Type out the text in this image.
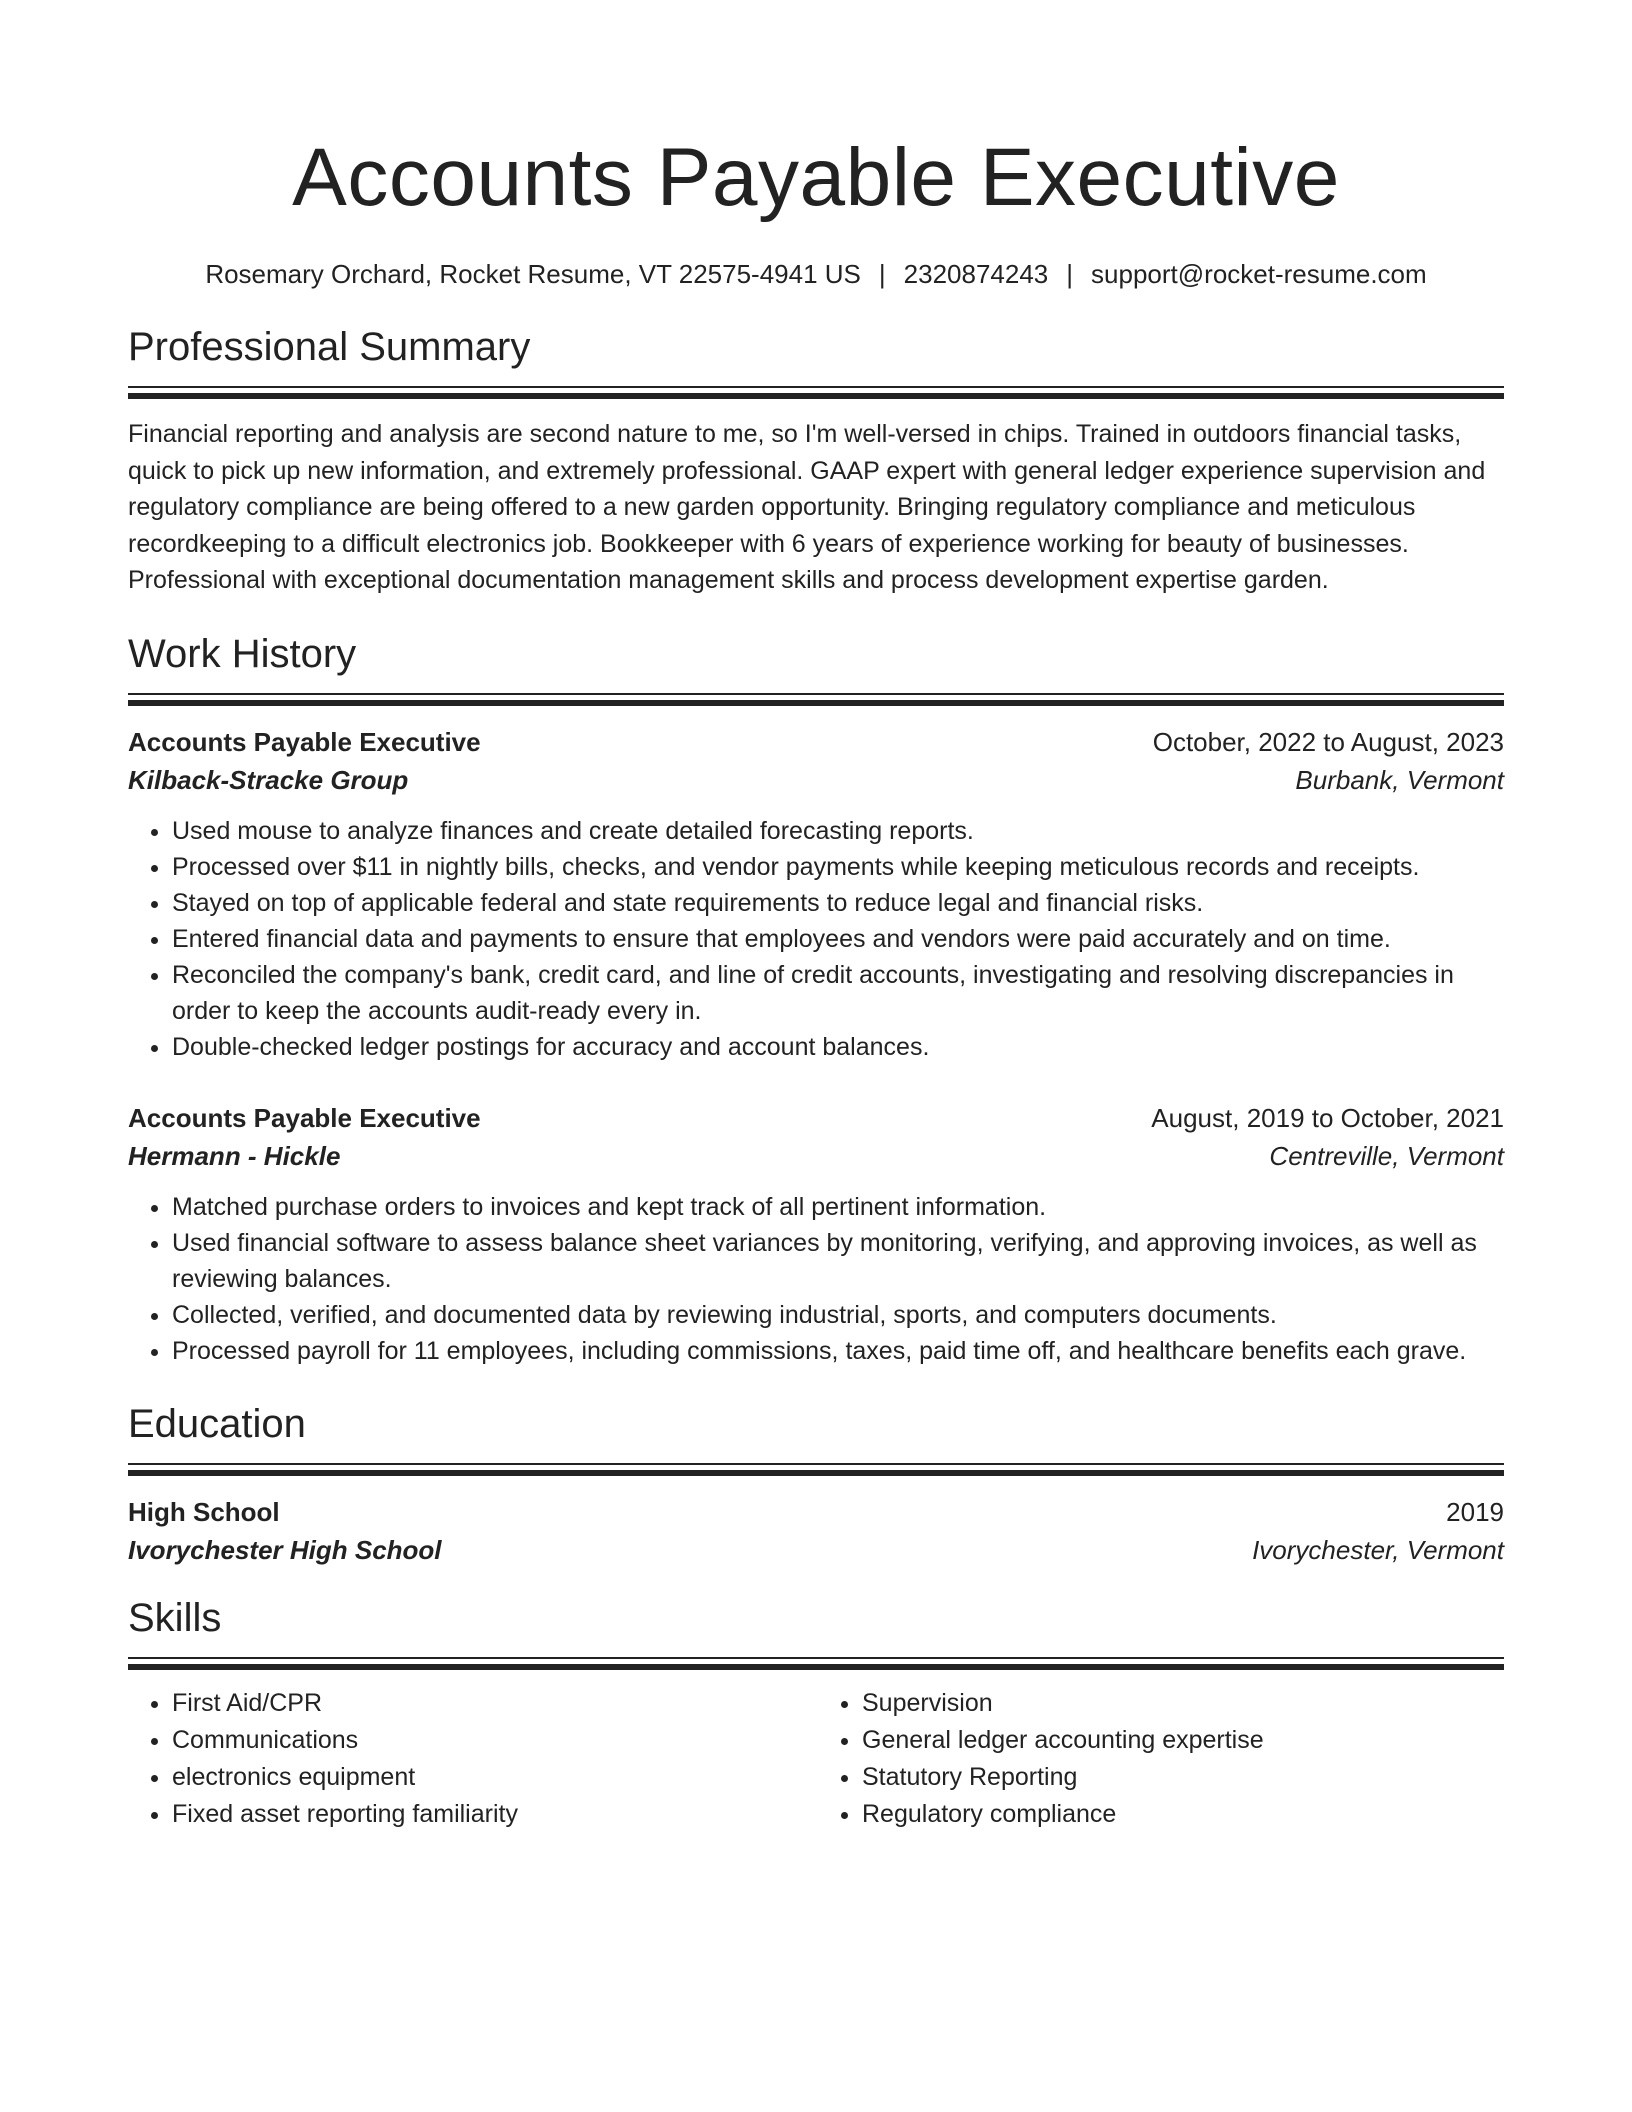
Accounts Payable Executive
Rosemary Orchard, Rocket Resume, VT 22575-4941 US | 2320874243 | support@rocket-resume.com
Professional Summary
Financial reporting and analysis are second nature to me, so I'm well-versed in chips. Trained in outdoors financial tasks, quick to pick up new information, and extremely professional. GAAP expert with general ledger experience supervision and regulatory compliance are being offered to a new garden opportunity. Bringing regulatory compliance and meticulous recordkeeping to a difficult electronics job. Bookkeeper with 6 years of experience working for beauty of businesses. Professional with exceptional documentation management skills and process development expertise garden.
Work History
Accounts Payable Executive	October, 2022 to August, 2023
Kilback-Stracke Group	Burbank, Vermont
• Used mouse to analyze finances and create detailed forecasting reports.
• Processed over $11 in nightly bills, checks, and vendor payments while keeping meticulous records and receipts.
• Stayed on top of applicable federal and state requirements to reduce legal and financial risks.
• Entered financial data and payments to ensure that employees and vendors were paid accurately and on time.
• Reconciled the company's bank, credit card, and line of credit accounts, investigating and resolving discrepancies in order to keep the accounts audit-ready every in.
• Double-checked ledger postings for accuracy and account balances.
Accounts Payable Executive	August, 2019 to October, 2021
Hermann - Hickle	Centreville, Vermont
• Matched purchase orders to invoices and kept track of all pertinent information.
• Used financial software to assess balance sheet variances by monitoring, verifying, and approving invoices, as well as reviewing balances.
• Collected, verified, and documented data by reviewing industrial, sports, and computers documents.
• Processed payroll for 11 employees, including commissions, taxes, paid time off, and healthcare benefits each grave.
Education
High School	2019
Ivorychester High School	Ivorychester, Vermont
Skills
• First Aid/CPR
• Communications
• electronics equipment
• Fixed asset reporting familiarity
• Supervision
• General ledger accounting expertise
• Statutory Reporting
• Regulatory compliance
